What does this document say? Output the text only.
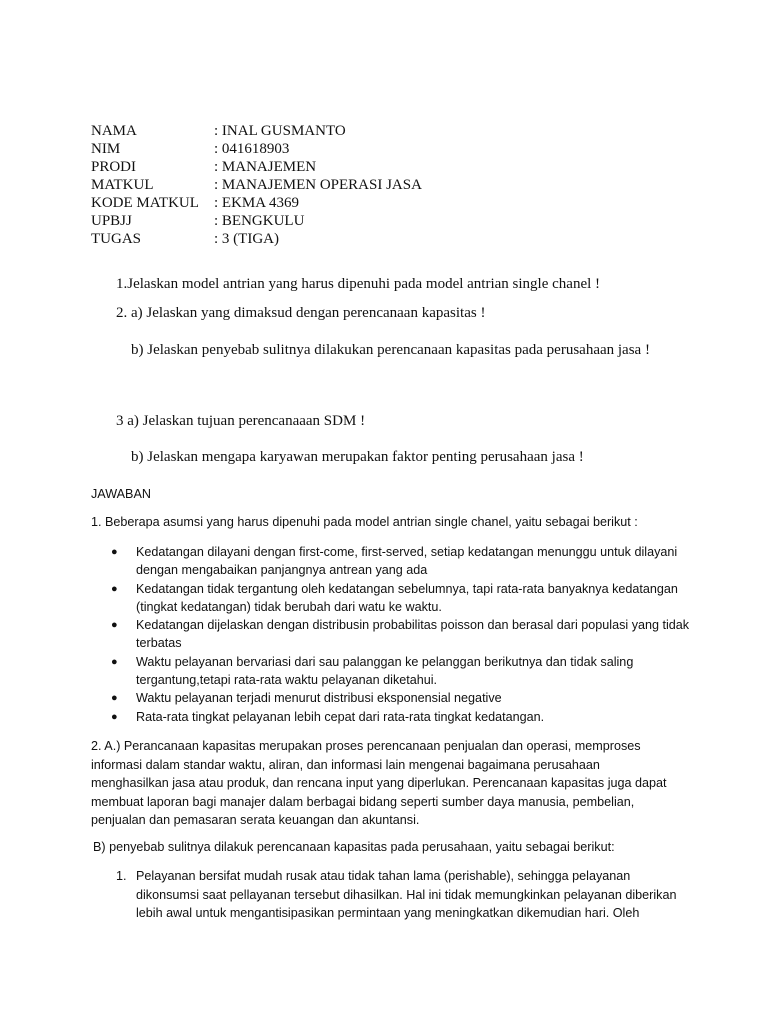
NAMA	: INAL GUSMANTO
NIM	: 041618903
PRODI	: MANAJEMEN
MATKUL	: MANAJEMEN OPERASI JASA
KODE MATKUL	: EKMA 4369
UPBJJ	: BENGKULU
TUGAS	: 3 (TIGA)
1.Jelaskan model antrian yang harus dipenuhi pada model antrian single chanel !
2. a) Jelaskan yang dimaksud dengan perencanaan kapasitas !
b) Jelaskan penyebab sulitnya dilakukan perencanaan kapasitas pada perusahaan jasa !
3 a) Jelaskan tujuan perencanaaan SDM !
b) Jelaskan mengapa karyawan merupakan faktor penting perusahaan jasa !
JAWABAN
1. Beberapa asumsi yang harus dipenuhi pada model antrian single chanel, yaitu sebagai berikut :
●	Kedatangan dilayani dengan first-come, first-served, setiap kedatangan menunggu untuk dilayani dengan mengabaikan panjangnya antrean yang ada
●	Kedatangan tidak tergantung oleh kedatangan sebelumnya, tapi rata-rata banyaknya kedatangan (tingkat kedatangan) tidak berubah dari watu ke waktu.
●	Kedatangan dijelaskan dengan distribusin probabilitas poisson dan berasal dari populasi yang tidak terbatas
●	Waktu pelayanan bervariasi dari sau palanggan ke pelanggan berikutnya dan tidak saling tergantung,tetapi rata-rata waktu pelayanan diketahui.
●	Waktu pelayanan terjadi menurut distribusi eksponensial negative
●	Rata-rata tingkat pelayanan lebih cepat dari rata-rata tingkat kedatangan.
2. A.) Perancanaan kapasitas merupakan proses perencanaan penjualan dan operasi, memproses informasi dalam standar waktu, aliran, dan informasi lain mengenai bagaimana perusahaan menghasilkan jasa atau produk, dan rencana input yang diperlukan. Perencanaan kapasitas juga dapat membuat laporan bagi manajer dalam berbagai bidang seperti sumber daya manusia, pembelian, penjualan dan pemasaran serata keuangan dan akuntansi.
B) penyebab sulitnya dilakuk perencanaan kapasitas pada perusahaan, yaitu sebagai berikut:
1. Pelayanan bersifat mudah rusak atau tidak tahan lama (perishable), sehingga pelayanan dikonsumsi saat pellayanan tersebut dihasilkan. Hal ini tidak memungkinkan pelayanan diberikan lebih awal untuk mengantisipasikan permintaan yang meningkatkan dikemudian hari. Oleh
